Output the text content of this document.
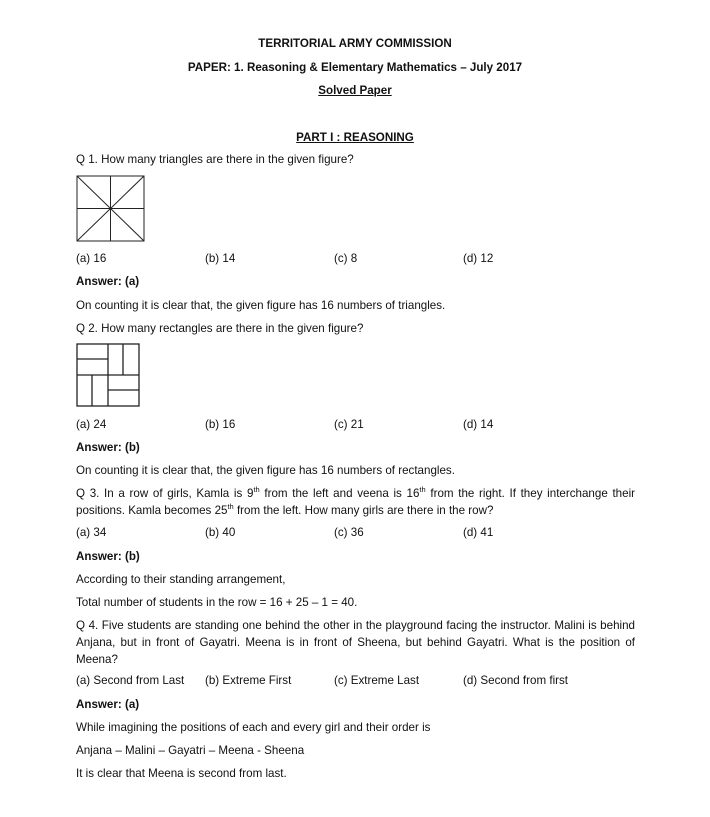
TERRITORIAL ARMY COMMISSION
PAPER: 1. Reasoning & Elementary Mathematics – July 2017
Solved Paper
PART I : REASONING
Q 1. How many triangles are there in the given figure?
(a) 16	(b) 14	(c) 8	(d) 12
Answer: (a)
On counting it is clear that, the given figure has 16 numbers of triangles.
Q 2. How many rectangles are there in the given figure?
(a) 24	(b) 16	(c) 21	(d) 14
Answer: (b)
On counting it is clear that, the given figure has 16 numbers of rectangles.
Q 3. In a row of girls, Kamla is 9th from the left and veena is 16th from the right. If they interchange their positions. Kamla becomes 25th from the left. How many girls are there in the row?
(a) 34	(b) 40	(c) 36	(d) 41
Answer: (b)
According to their standing arrangement,
Total number of students in the row = 16 + 25 – 1 = 40.
Q 4. Five students are standing one behind the other in the playground facing the instructor. Malini is behind Anjana, but in front of Gayatri. Meena is in front of Sheena, but behind Gayatri. What is the position of Meena?
(a) Second from Last (b) Extreme First	(c) Extreme Last	(d) Second from first
Answer: (a)
While imagining the positions of each and every girl and their order is
Anjana – Malini – Gayatri – Meena - Sheena
It is clear that Meena is second from last.
